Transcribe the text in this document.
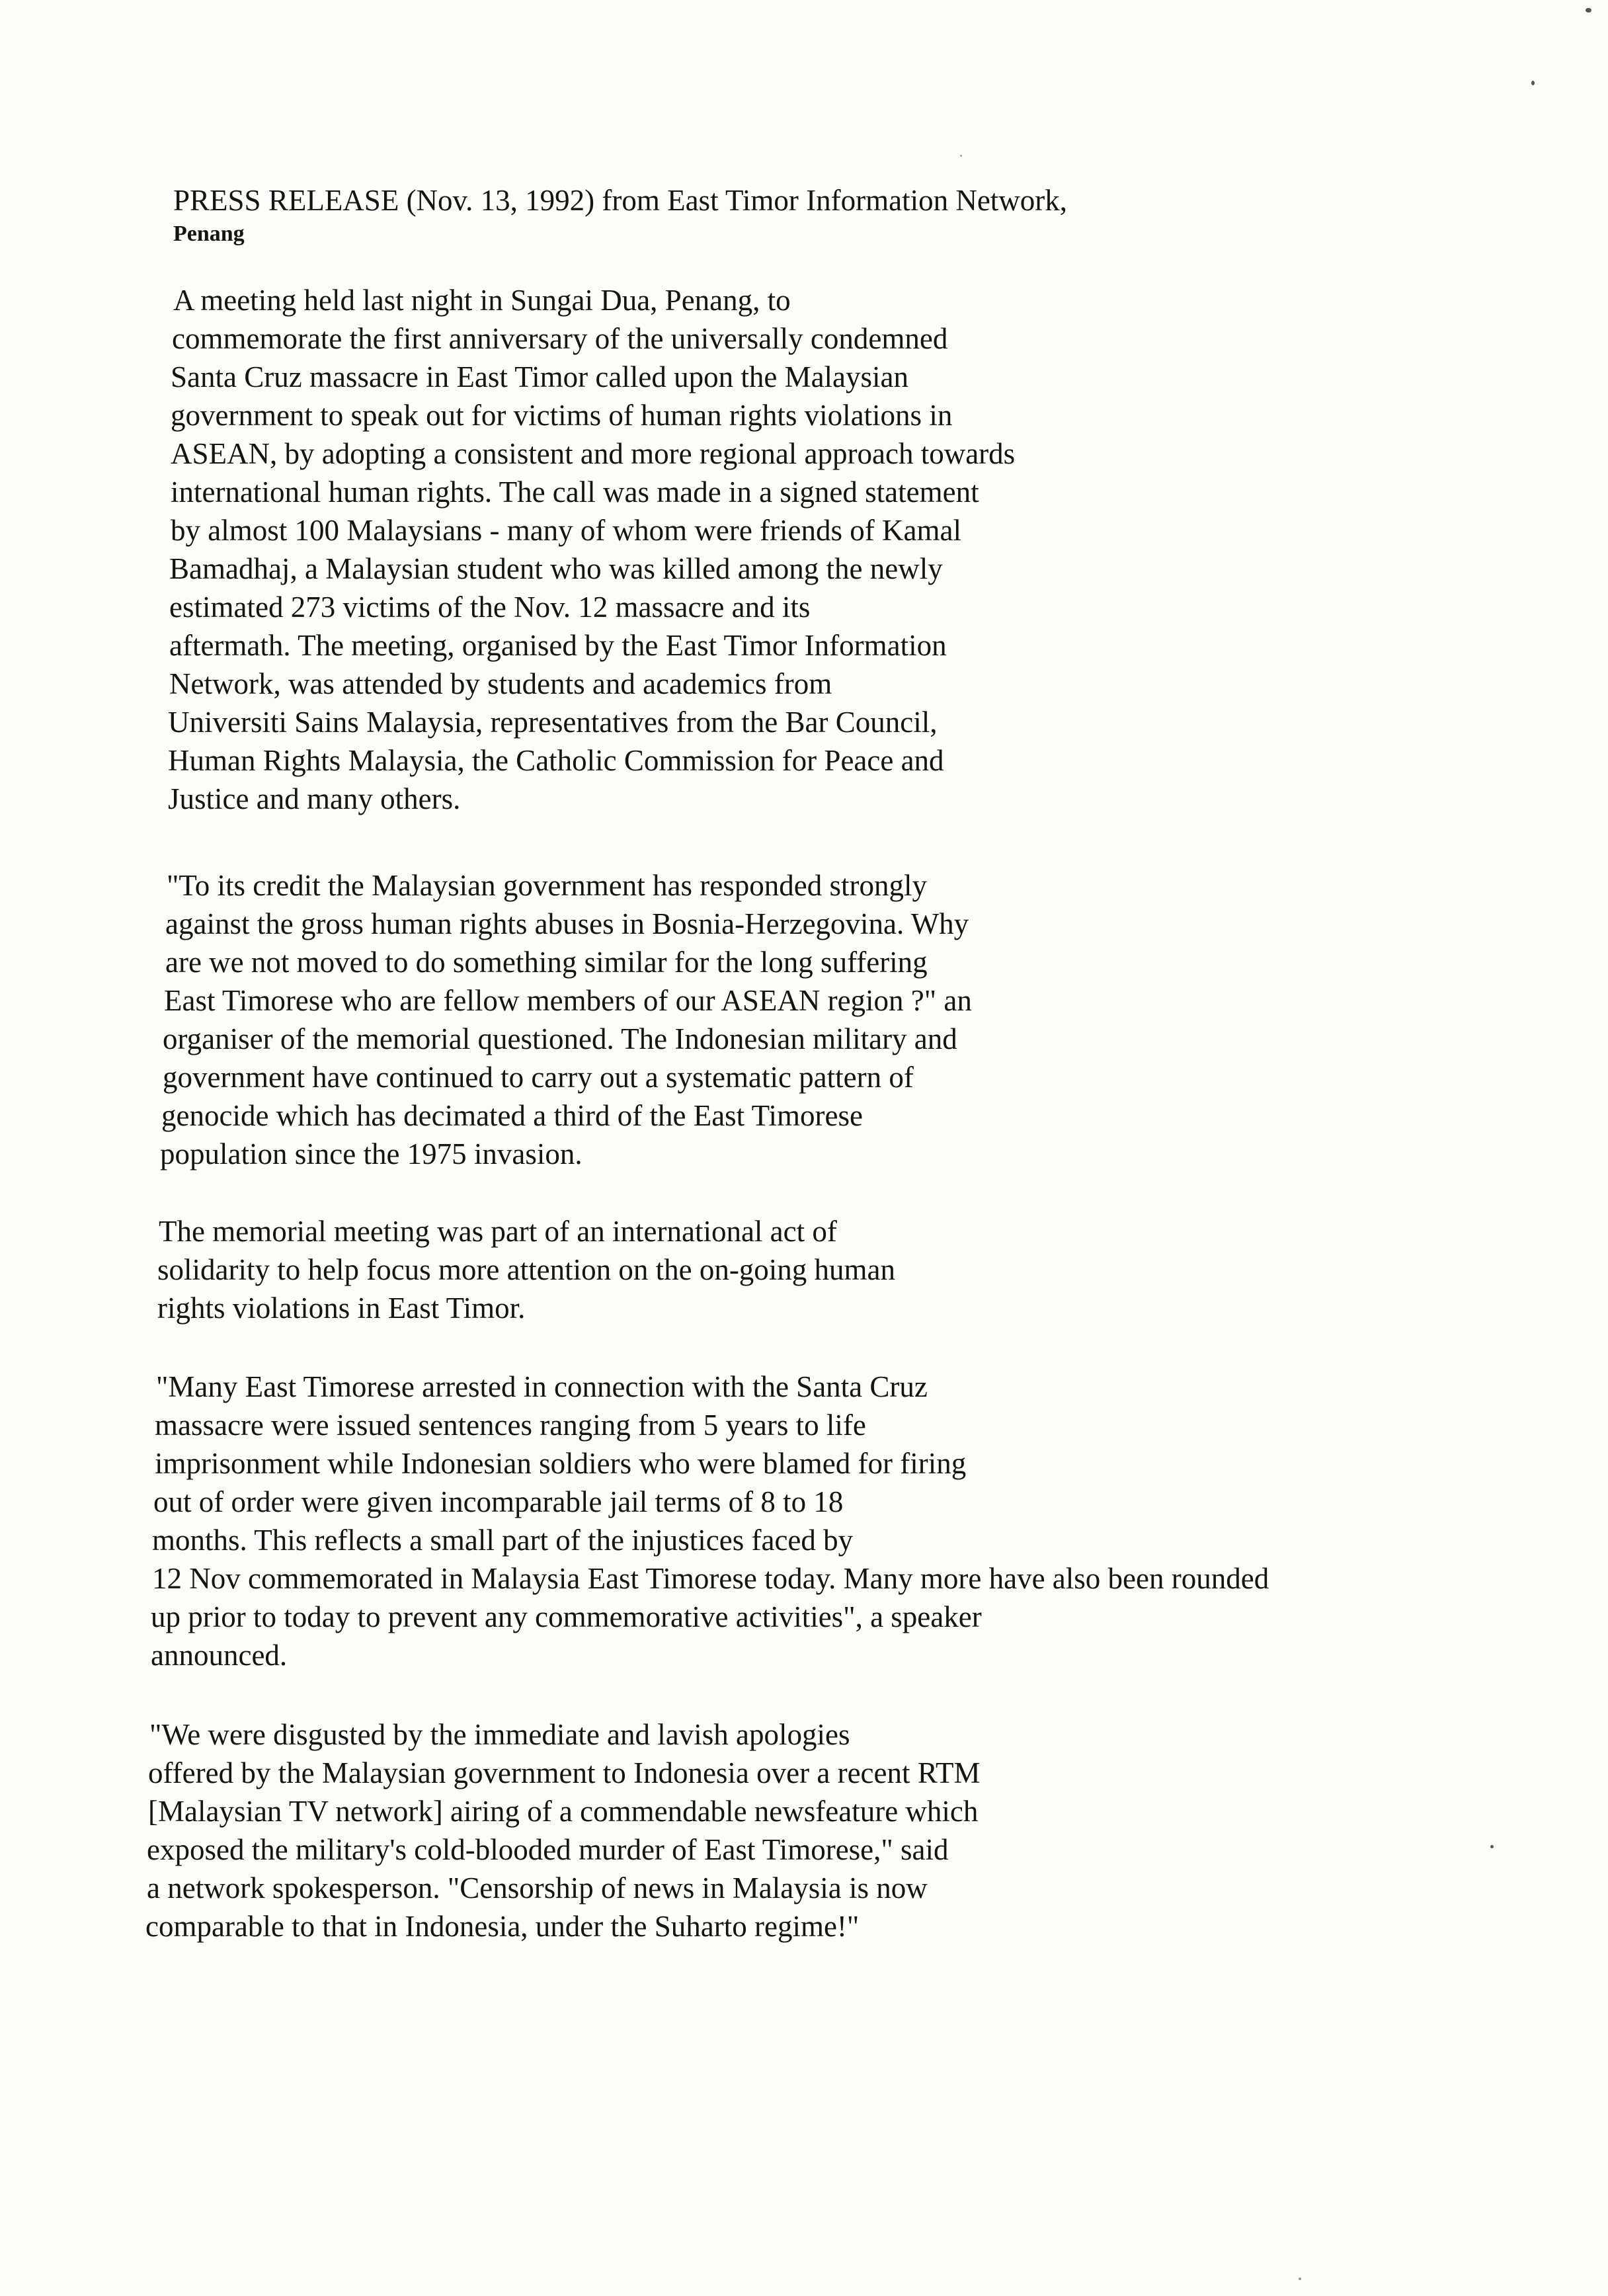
PRESS RELEASE (Nov. 13, 1992) from East Timor Information Network,
Penang
A meeting held last night in Sungai Dua, Penang, to
commemorate the first anniversary of the universally condemned
Santa Cruz massacre in East Timor called upon the Malaysian
government to speak out for victims of human rights violations in
ASEAN, by adopting a consistent and more regional approach towards
international human rights. The call was made in a signed statement
by almost 100 Malaysians - many of whom were friends of Kamal
Bamadhaj, a Malaysian student who was killed among the newly
estimated 273 victims of the Nov. 12 massacre and its
aftermath. The meeting, organised by the East Timor Information
Network, was attended by students and academics from
Universiti Sains Malaysia, representatives from the Bar Council,
Human Rights Malaysia, the Catholic Commission for Peace and
Justice and many others.
"To its credit the Malaysian government has responded strongly
against the gross human rights abuses in Bosnia-Herzegovina. Why
are we not moved to do something similar for the long suffering
East Timorese who are fellow members of our ASEAN region ?" an
organiser of the memorial questioned. The Indonesian military and
government have continued to carry out a systematic pattern of
genocide which has decimated a third of the East Timorese
population since the 1975 invasion.
The memorial meeting was part of an international act of
solidarity to help focus more attention on the on-going human
rights violations in East Timor.
"Many East Timorese arrested in connection with the Santa Cruz
massacre were issued sentences ranging from 5 years to life
imprisonment while Indonesian soldiers who were blamed for firing
out of order were given incomparable jail terms of 8 to 18
months. This reflects a small part of the injustices faced by
12 Nov commemorated in Malaysia East Timorese today. Many more have also been rounded
up prior to today to prevent any commemorative activities", a speaker
announced.
"We were disgusted by the immediate and lavish apologies
offered by the Malaysian government to Indonesia over a recent RTM
[Malaysian TV network] airing of a commendable newsfeature which
exposed the military's cold-blooded murder of East Timorese," said
a network spokesperson. "Censorship of news in Malaysia is now
comparable to that in Indonesia, under the Suharto regime!"
